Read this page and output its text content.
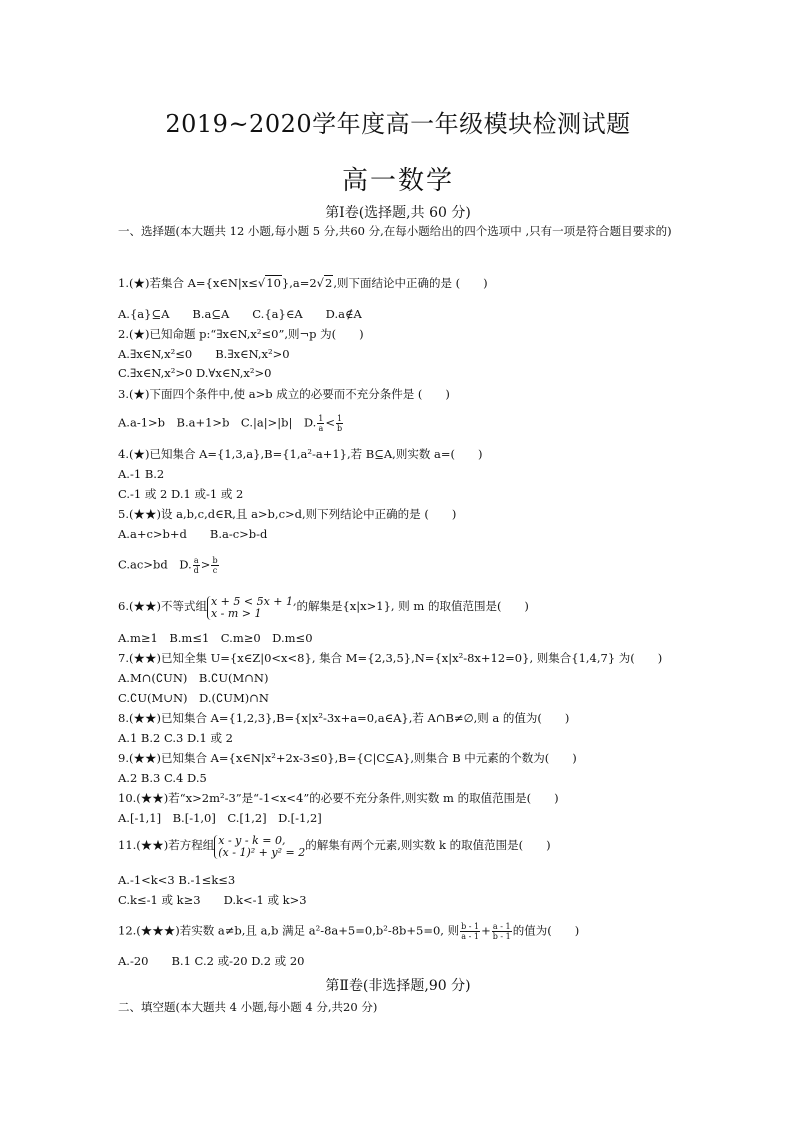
2019~2020学年度高一年级模块检测试题
高一数学
第Ⅰ卷(选择题,共 60 分)
一、选择题(本大题共 12 小题,每小题 5 分,共60 分,在每小题给出的四个选项中 ,只有一项是符合题目要求的)
1.(★)若集合 A={x∈N|x≤√10},a=2√2,则下面结论中正确的是 (　　)
A.{a}⊆A　　B.a⊆A　　C.{a}∈A　　D.a∉A
2.(★)已知命题 p:“∃x∈N,x²≤0”,则¬p 为(　　)
A.∃x∈N,x²≤0　　B.∃x∈N,x²>0
C.∃x∈N,x²>0 D.∀x∈N,x²>0
3.(★)下面四个条件中,使 a>b 成立的必要而不充分条件是 (　　)
A.a-1>b　B.a+1>b　C.|a|>|b|　D. $\frac{1}{a} < \frac{1}{b}$
4.(★)已知集合 A={1,3,a},B={1,a²-a+1},若 B⊆A,则实数 a=(　　)
A.-1 B.2
C.-1 或 2 D.1 或-1 或 2
5.(★★)设 a,b,c,d∈R,且 a>b,c>d,则下列结论中正确的是 (　　)
A.a+c>b+d　　B.a-c>b-d
C.ac>bd　D. $\frac{a}{d} > \frac{b}{c}$
6.(★★)不等式组 x + 5 < 5x + 1,
x - m > 1	的解集是{x|x>1}, 则 m 的取值范围是(　　)
A.m≥1　B.m≤1　C.m≥0　D.m≤0
7.(★★)已知全集 U={x∈Z|0<x<8}, 集合 M={2,3,5},N={x|x²-8x+12=0}, 则集合{1,4,7} 为(　　)
A.M∩(∁UN)　B.∁U(M∩N)
C.∁U(M∪N)　D.(∁UM)∩N
8.(★★)已知集合 A={1,2,3},B={x|x²-3x+a=0,a∈A},若 A∩B≠∅,则 a 的值为(　　)
A.1 B.2 C.3 D.1 或 2
9.(★★)已知集合 A={x∈N|x²+2x-3≤0},B={C|C⊆A},则集合 B 中元素的个数为(　　)
A.2 B.3 C.4 D.5
10.(★★)若“x>2m²-3”是“-1<x<4”的必要不充分条件,则实数 m 的取值范围是(　　)
A.[-1,1]　B.[-1,0]　C.[1,2]　D.[-1,2]
11.(★★)若方程组 x - y - k = 0,
(x - 1)² + y² = 2 的解集有两个元素,则实数 k 的取值范围是(　　)
A.-1<k<3 B.-1≤k≤3
C.k≤-1 或 k≥3　　D.k<-1 或 k>3
12.(★★★)若实数 a≠b,且 a,b 满足 a²-8a+5=0,b²-8b+5=0, 则 $\frac{b - 1}{a - 1} + \frac{a - 1}{b - 1}$ 的值为(　　)
A.-20　　B.1 C.2 或-20 D.2 或 20
第Ⅱ卷(非选择题,90 分)
二、填空题(本大题共 4 小题,每小题 4 分,共20 分)
